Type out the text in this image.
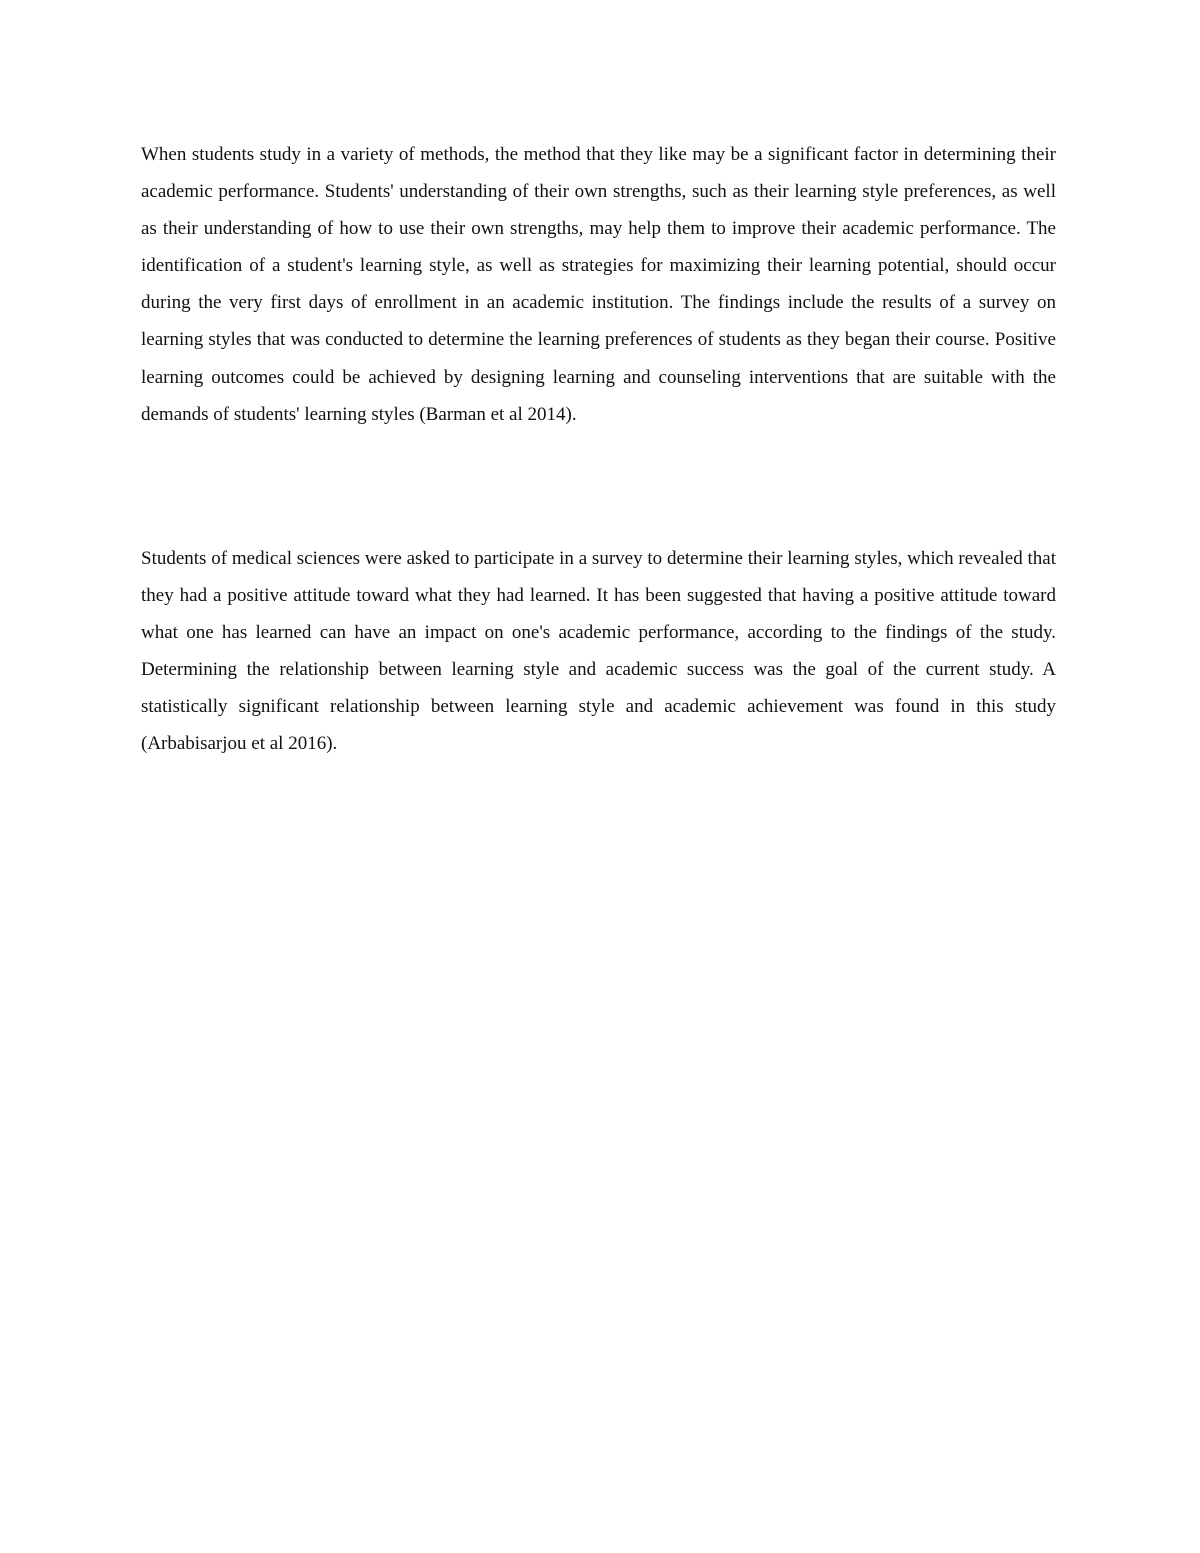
When students study in a variety of methods, the method that they like may be a significant factor in determining their academic performance. Students' understanding of their own strengths, such as their learning style preferences, as well as their understanding of how to use their own strengths, may help them to improve their academic performance. The identification of a student's learning style, as well as strategies for maximizing their learning potential, should occur during the very first days of enrollment in an academic institution. The findings include the results of a survey on learning styles that was conducted to determine the learning preferences of students as they began their course. Positive learning outcomes could be achieved by designing learning and counseling interventions that are suitable with the demands of students' learning styles (Barman et al 2014).

Students of medical sciences were asked to participate in a survey to determine their learning styles, which revealed that they had a positive attitude toward what they had learned. It has been suggested that having a positive attitude toward what one has learned can have an impact on one's academic performance, according to the findings of the study. Determining the relationship between learning style and academic success was the goal of the current study. A statistically significant relationship between learning style and academic achievement was found in this study (Arbabisarjou et al 2016).
